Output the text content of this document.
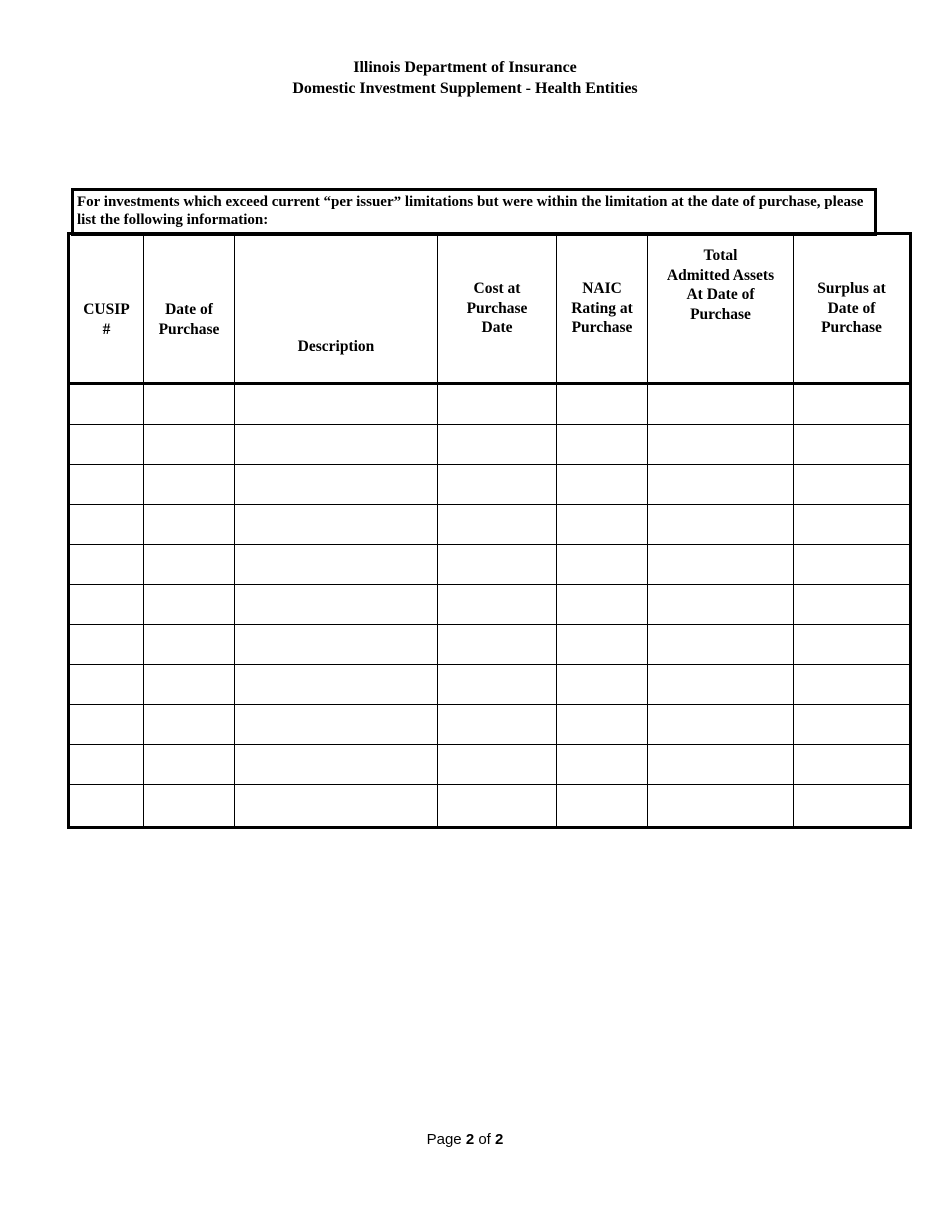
Illinois Department of Insurance
Domestic Investment Supplement - Health Entities
For investments which exceed current “per issuer” limitations but were within the limitation at the date of purchase, please list the following information:
CUSIP
#	Date of
Purchase	Description	Cost at
Purchase
Date	NAIC
Rating at
Purchase	Total
Admitted Assets
At Date of
Purchase	Surplus at
Date of
Purchase

Page 2 of 2
